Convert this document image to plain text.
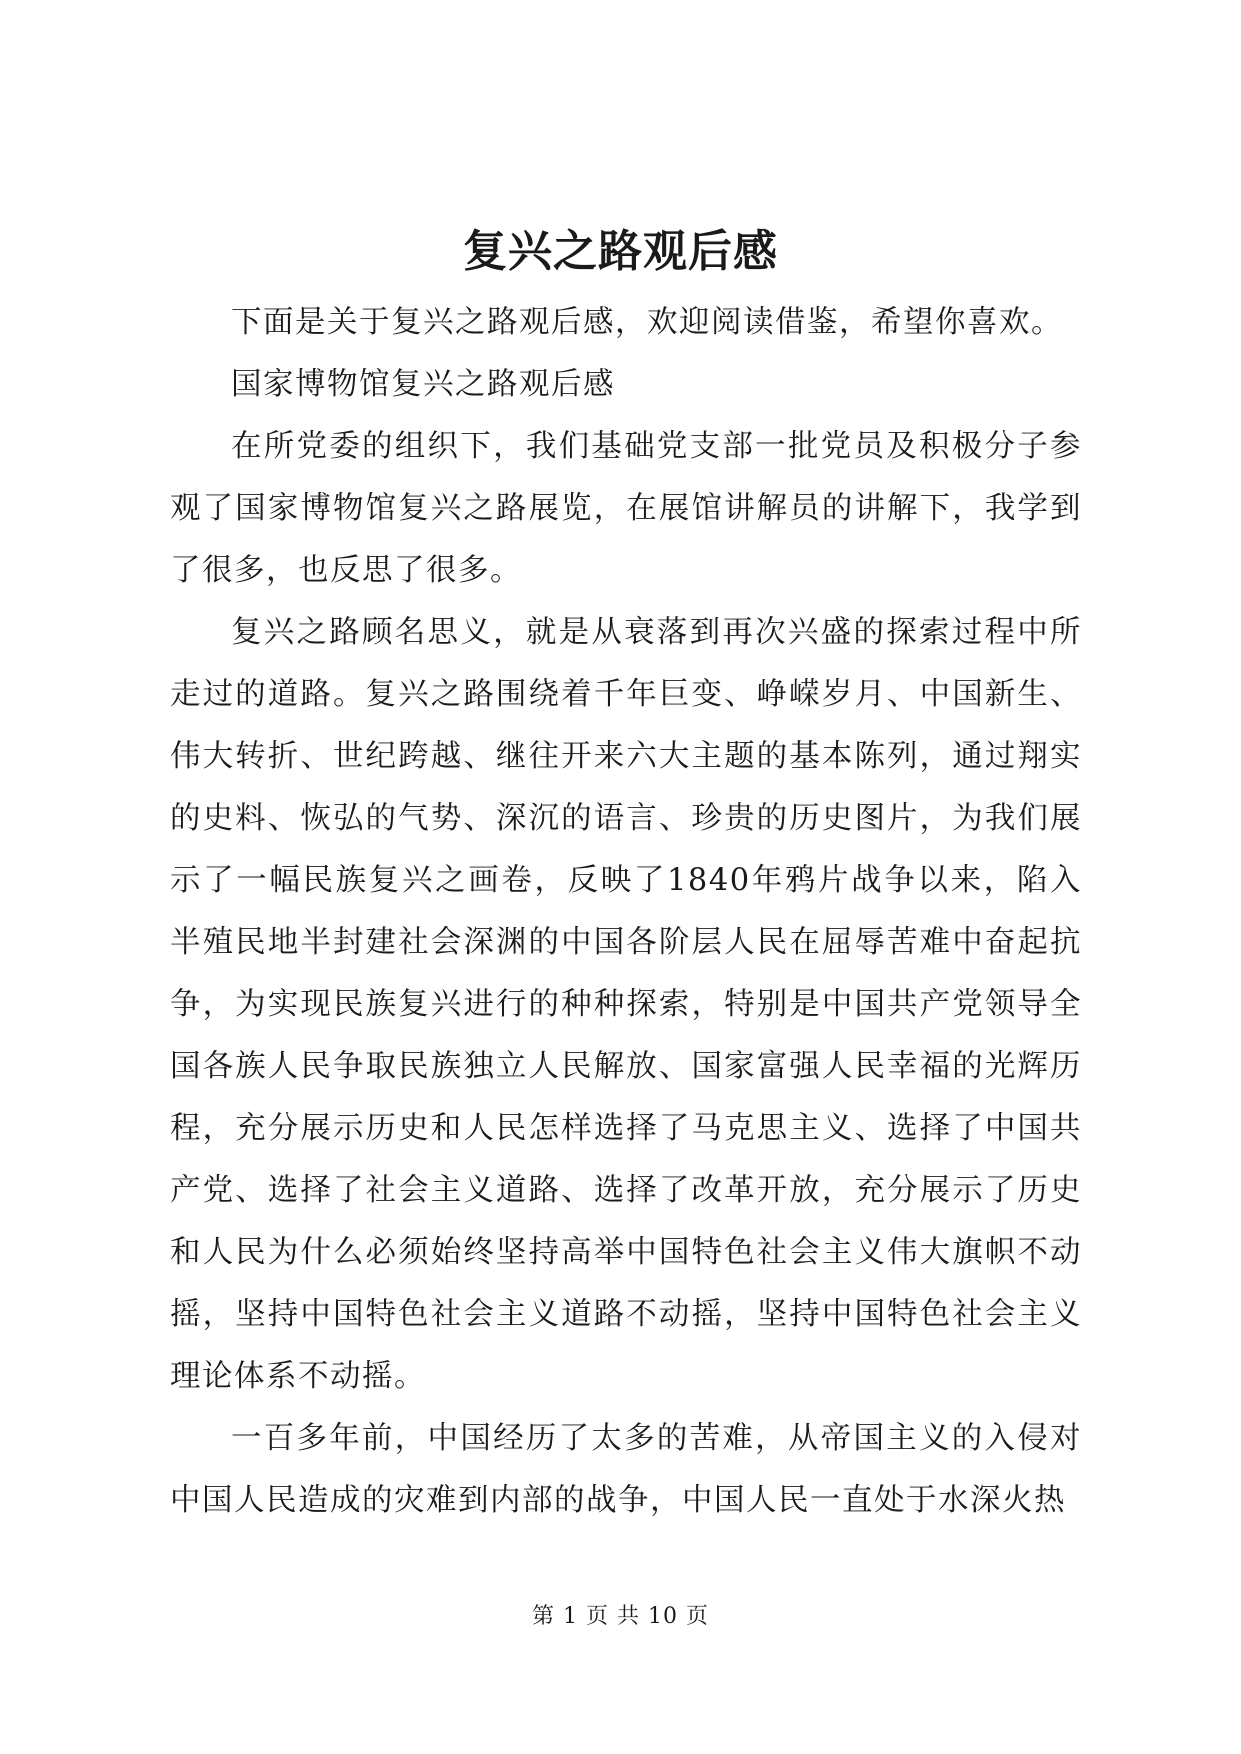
复兴之路观后感

下面是关于复兴之路观后感，欢迎阅读借鉴，希望你喜欢。

国家博物馆复兴之路观后感

在所党委的组织下，我们基础党支部一批党员及积极分子参观了国家博物馆复兴之路展览，在展馆讲解员的讲解下，我学到了很多，也反思了很多。

复兴之路顾名思义，就是从衰落到再次兴盛的探索过程中所走过的道路。复兴之路围绕着千年巨变、峥嵘岁月、中国新生、伟大转折、世纪跨越、继往开来六大主题的基本陈列，通过翔实的史料、恢弘的气势、深沉的语言、珍贵的历史图片，为我们展示了一幅民族复兴之画卷，反映了1840年鸦片战争以来，陷入半殖民地半封建社会深渊的中国各阶层人民在屈辱苦难中奋起抗争，为实现民族复兴进行的种种探索，特别是中国共产党领导全国各族人民争取民族独立人民解放、国家富强人民幸福的光辉历程，充分展示历史和人民怎样选择了马克思主义、选择了中国共产党、选择了社会主义道路、选择了改革开放，充分展示了历史和人民为什么必须始终坚持高举中国特色社会主义伟大旗帜不动摇，坚持中国特色社会主义道路不动摇，坚持中国特色社会主义理论体系不动摇。

一百多年前，中国经历了太多的苦难，从帝国主义的入侵对中国人民造成的灾难到内部的战争，中国人民一直处于水深火热

第 1 页 共 10 页
